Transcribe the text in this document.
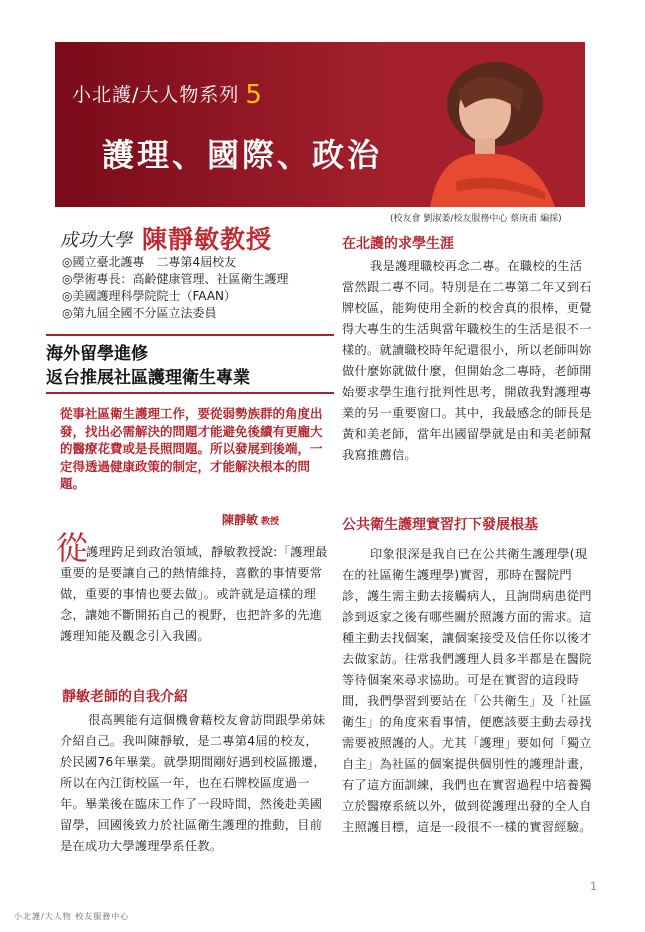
小北護/大人物系列 5
護理、國際、政治
(校友會 劉淑萎/校友服務中心 蔡庚甫 編採)
成功大學 陳靜敏教授
◎國立臺北護專　二專第4屆校友
◎學術專長：高齡健康管理、社區衛生護理
◎美國護理科學院院士（FAAN）
◎第九屆全國不分區立法委員
海外留學進修
返台推展社區護理衛生專業
從事社區衛生護理工作，要從弱勢族群的角度出發，找出必需解決的問題才能避免後續有更龐大的醫療花費或是長照問題。所以發展到後端，一定得透過健康政策的制定，才能解決根本的問題。
陳靜敏 教授
從
護理跨足到政治領域，靜敏教授說:「護理最重要的是要讓自己的熱情維持，喜歡的事情要常做，重要的事情也要去做」。或許就是這樣的理念，讓她不斷開拓自己的視野，也把許多的先進護理知能及觀念引入我國。
靜敏老師的自我介紹
很高興能有這個機會藉校友會訪問跟學弟妹介紹自己。我叫陳靜敏，是二專第4屆的校友，於民國76年畢業。就學期間剛好遇到校區搬遷，所以在內江街校區一年，也在石牌校區度過一年。畢業後在臨床工作了一段時間，然後赴美國留學，回國後致力於社區衛生護理的推動，目前是在成功大學護理學系任教。
在北護的求學生涯
我是護理職校再念二專。在職校的生活當然跟二專不同。特別是在二專第二年又到石牌校區，能夠使用全新的校舍真的很棒，更覺得大專生的生活與當年職校生的生活是很不一樣的。就讀職校時年紀還很小，所以老師叫妳做什麼妳就做什麼，但開始念二專時，老師開始要求學生進行批判性思考，開啟我對護理專業的另一重要窗口。其中，我最感念的師長是黃和美老師，當年出國留學就是由和美老師幫我寫推薦信。
公共衛生護理實習打下發展根基
印象很深是我自已在公共衛生護理學(現在的社區衛生護理學)實習，那時在醫院門診，護生需主動去接觸病人，且詢問病患從門診到返家之後有哪些關於照護方面的需求。這種主動去找個案，讓個案接受及信任你以後才去做家訪。往常我們護理人員多半都是在醫院等待個案來尋求協助。可是在實習的這段時間，我們學習到要站在「公共衛生」及「社區衛生」的角度來看事情，便應該要主動去尋找需要被照護的人。尤其「護理」要如何「獨立自主」為社區的個案提供個別性的護理計畫，有了這方面訓練，我們也在實習過程中培養獨立於醫療系統以外，做到從護理出發的全人自主照護目標，這是一段很不一樣的實習經驗。
1
小北護/大人物 校友服務中心
